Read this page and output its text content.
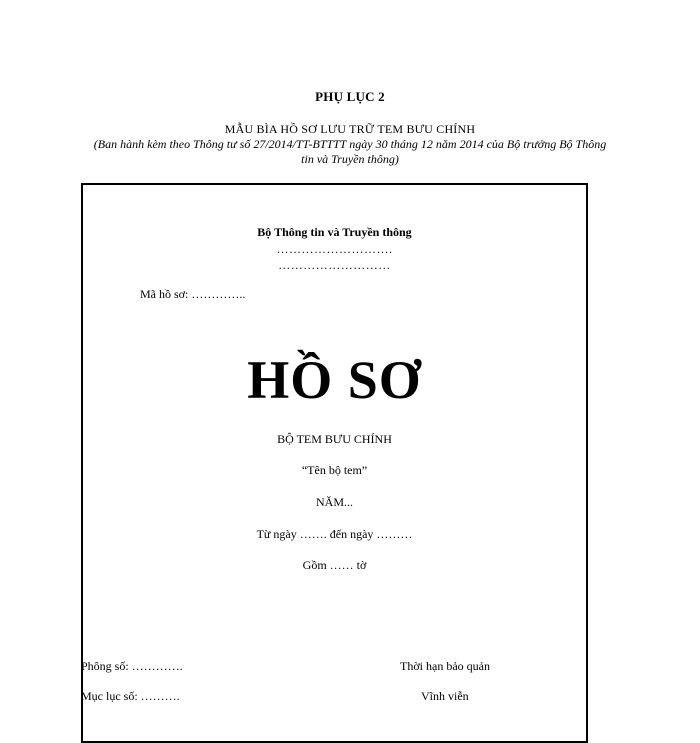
PHỤ LỤC 2
MẪU BÌA HỒ SƠ LƯU TRỮ TEM BƯU CHÍNH
(Ban hành kèm theo Thông tư số 27/2014/TT-BTTTT ngày 30 tháng 12 năm 2014 của Bộ trưởng Bộ Thông tin và Truyền thông)
Bộ Thông tin và Truyền thông
……………………….
………………………
Mã hồ sơ: …………..
HỒ SƠ
BỘ TEM BƯU CHÍNH
“Tên bộ tem”
NĂM...
Từ ngày ……. đến ngày ………
Gồm …… tờ
Phông số: ………….
Mục lục số: ……….
Thời hạn bảo quản
Vĩnh viễn
